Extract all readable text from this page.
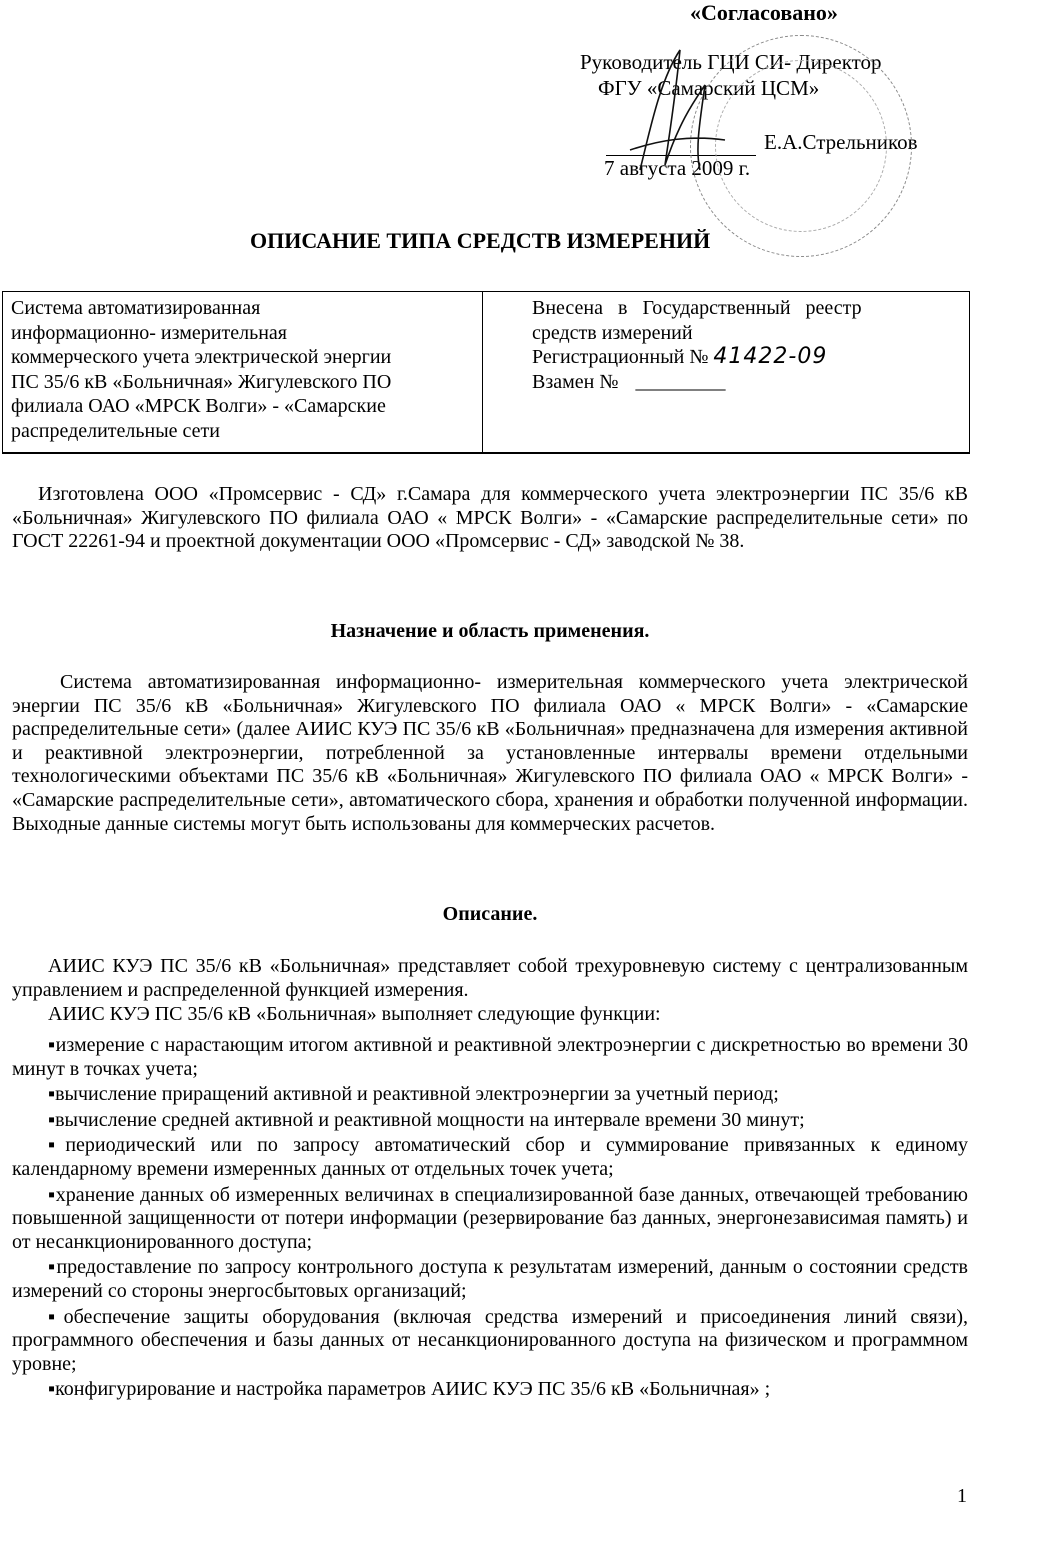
«Согласовано»
Руководитель ГЦИ СИ- Директор
ФГУ «Самарский ЦСМ»
Е.А.Стрельников
7 августа 2009 г.
ОПИСАНИЕ ТИПА СРЕДСТВ ИЗМЕРЕНИЙ
Система автоматизированная
информационно- измерительная
коммерческого учета электрической энергии
ПС 35/6 кВ «Больничная» Жигулевского ПО
филиала ОАО «МРСК Волги» - «Самарские
распределительные сети
Внесена   в   Государственный   реестр
средств измерений
Регистрационный № 41422-09
Взамен № _________
Изготовлена ООО «Промсервис - СД» г.Самара для коммерческого учета электроэнергии ПС 35/6 кВ «Больничная» Жигулевского ПО филиала ОАО « МРСК Волги» - «Самарские распределительные сети» по ГОСТ 22261-94 и проектной документации ООО «Промсервис - СД» заводской № 38.
Назначение и область применения.
Система автоматизированная информационно- измерительная коммерческого учета электрической энергии ПС 35/6 кВ «Больничная» Жигулевского ПО филиала ОАО « МРСК Волги» - «Самарские распределительные сети» (далее АИИС КУЭ ПС 35/6 кВ «Больничная» предназначена для измерения активной и реактивной электроэнергии, потребленной за установленные интервалы времени отдельными технологическими объектами ПС 35/6 кВ «Больничная» Жигулевского ПО филиала ОАО « МРСК Волги» - «Самарские распределительные сети», автоматического сбора, хранения и обработки полученной информации. Выходные данные системы могут быть использованы для коммерческих расчетов.
Описание.
АИИС КУЭ ПС 35/6 кВ «Больничная» представляет собой трехуровневую систему с централизованным управлением и распределенной функцией измерения.
АИИС КУЭ ПС 35/6 кВ «Больничная» выполняет следующие функции:
▪измерение с нарастающим итогом активной и реактивной электроэнергии с дискретностью во времени 30 минут в точках учета;
▪вычисление приращений активной и реактивной электроэнергии за учетный период;
▪вычисление средней активной и реактивной мощности на интервале времени 30 минут;
▪периодический или по запросу автоматический сбор и суммирование привязанных к единому календарному времени измеренных данных от отдельных точек учета;
▪хранение данных об измеренных величинах в специализированной базе данных, отвечающей требованию повышенной защищенности от потери информации (резервирование баз данных, энергонезависимая память) и от несанкционированного доступа;
▪предоставление по запросу контрольного доступа к результатам измерений, данным о состоянии средств измерений со стороны энергосбытовых организаций;
▪обеспечение защиты оборудования (включая средства измерений и присоединения линий связи), программного обеспечения и базы данных от несанкционированного доступа на физическом и программном уровне;
▪конфигурирование и настройка параметров АИИС КУЭ ПС 35/6 кВ «Больничная» ;
1
